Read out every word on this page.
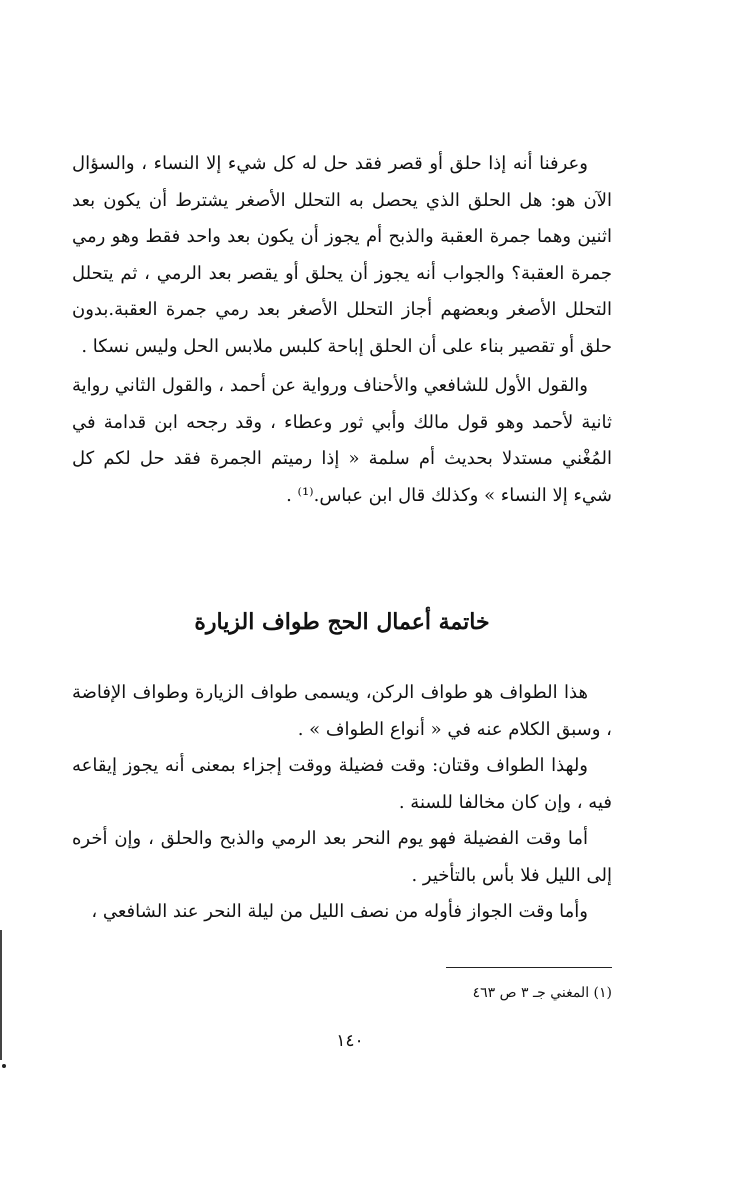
وعرفنا أنه إذا حلق أو قصر فقد حل له كل شيء إلا النساء ، والسؤال الآن هو: هل الحلق الذي يحصل به التحلل الأصغر يشترط أن يكون بعد اثنين وهما جمرة العقبة والذبح أم يجوز أن يكون بعد واحد فقط وهو رمي جمرة العقبة؟ والجواب أنه يجوز أن يحلق أو يقصر بعد الرمي ، ثم يتحلل التحلل الأصغر وبعضهم أجاز التحلل الأصغر بعد رمي جمرة العقبة.بدون حلق أو تقصير بناء على أن الحلق إباحة كلبس ملابس الحل وليس نسكا .

والقول الأول للشافعي والأحناف ورواية عن أحمد ، والقول الثاني رواية ثانية لأحمد وهو قول مالك وأبي ثور وعطاء ، وقد رجحه ابن قدامة في المُغْني مستدلا بحديث أم سلمة « إذا رميتم الجمرة فقد حل لكم كل شيء إلا النساء » وكذلك قال ابن عباس.⁽¹⁾ .

خاتمة أعمال الحج طواف الزيارة

هذا الطواف هو طواف الركن، ويسمى طواف الزيارة وطواف الإفاضة ، وسبق الكلام عنه في « أنواع الطواف » .

ولهذا الطواف وقتان: وقت فضيلة ووقت إجزاء بمعنى أنه يجوز إيقاعه فيه ، وإن كان مخالفا للسنة .

أما وقت الفضيلة فهو يوم النحر بعد الرمي والذبح والحلق ، وإن أخره إلى الليل فلا بأس بالتأخير .

وأما وقت الجواز فأوله من نصف الليل من ليلة النحر عند الشافعي ،

(١) المغني جـ ٣ ص ٤٦٣
١٤٠
